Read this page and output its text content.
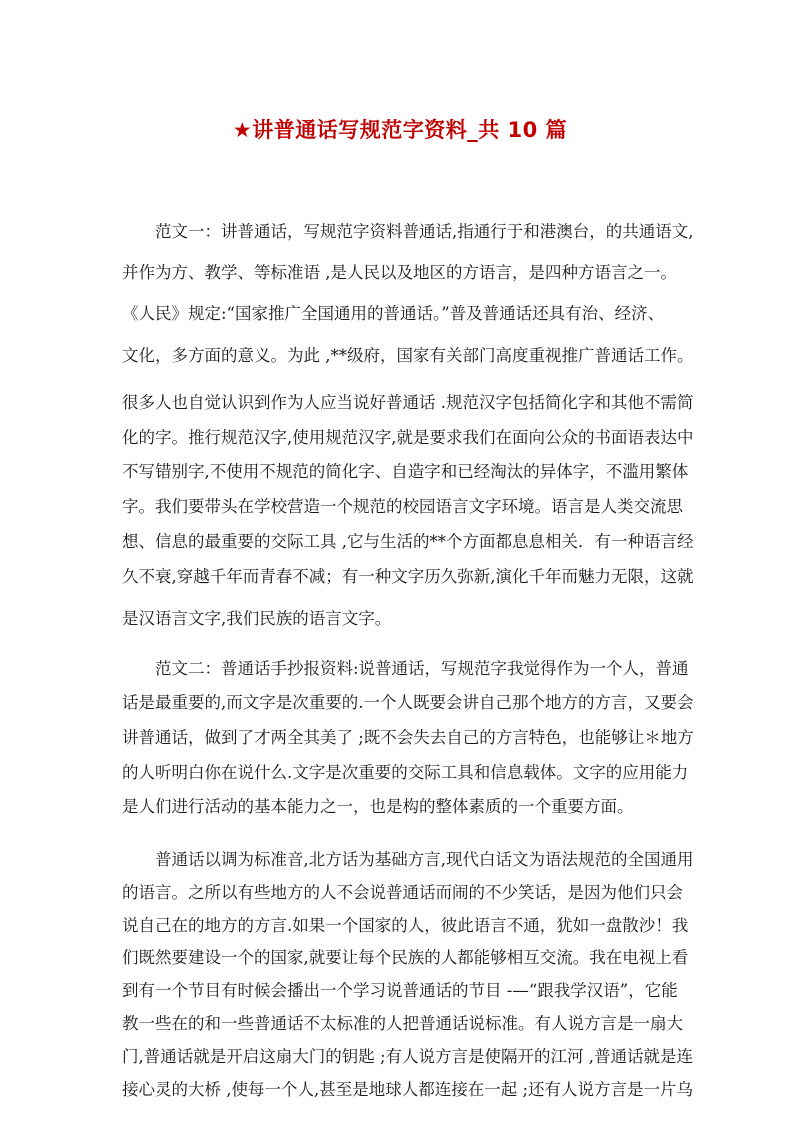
★讲普通话写规范字资料_共 10 篇
范文一：讲普通话，写规范字资料普通话,指通行于和港澳台，的共通语文,
并作为方、教学、等标准语 ,是人民以及地区的方语言，是四种方语言之一。
《人民》规定:“国家推广全国通用的普通话。”普及普通话还具有治、经济、
文化，多方面的意义。为此 ,**级府，国家有关部门高度重视推广普通话工作。
很多人也自觉认识到作为人应当说好普通话 .规范汉字包括简化字和其他不需简
化的字。推行规范汉字,使用规范汉字,就是要求我们在面向公众的书面语表达中
不写错别字,不使用不规范的简化字、自造字和已经淘汰的异体字，不滥用繁体
字。我们要带头在学校营造一个规范的校园语言文字环境。语言是人类交流思
想、信息的最重要的交际工具 ,它与生活的**个方面都息息相关．有一种语言经
久不衰,穿越千年而青春不减；有一种文字历久弥新,演化千年而魅力无限，这就
是汉语言文字,我们民族的语言文字。
范文二：普通话手抄报资料:说普通话，写规范字我觉得作为一个人，普通
话是最重要的,而文字是次重要的.一个人既要会讲自己那个地方的方言，又要会
讲普通话，做到了才两全其美了 ;既不会失去自己的方言特色，也能够让＊地方
的人听明白你在说什么.文字是次重要的交际工具和信息载体。文字的应用能力
是人们进行活动的基本能力之一，也是构的整体素质的一个重要方面。
普通话以调为标准音,北方话为基础方言,现代白话文为语法规范的全国通用
的语言。之所以有些地方的人不会说普通话而闹的不少笑话，是因为他们只会
说自己在的地方的方言.如果一个国家的人，彼此语言不通，犹如一盘散沙！我
们既然要建设一个的国家,就要让每个民族的人都能够相互交流。我在电视上看
到有一个节目有时候会播出一个学习说普通话的节目 -—“跟我学汉语”，它能
教一些在的和一些普通话不太标准的人把普通话说标准。有人说方言是一扇大
门,普通话就是开启这扇大门的钥匙 ;有人说方言是使隔开的江河 ,普通话就是连
接心灵的大桥 ,使每一个人,甚至是地球人都连接在一起 ;还有人说方言是一片乌
